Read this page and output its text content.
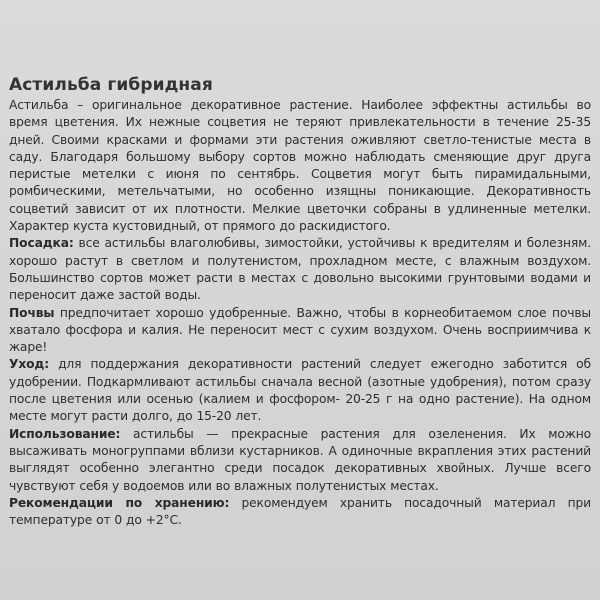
Астильба гибридная

Астильба – оригинальное декоративное растение. Наиболее эффектны астильбы во время цветения. Их нежные соцветия не теряют привлекательности в течение 25-35 дней. Своими красками и формами эти растения оживляют светло-тенистые места в саду. Благодаря большому выбору сортов можно наблюдать сменяющие друг друга перистые метелки с июня по сентябрь. Соцветия могут быть пирамидальными, ромбическими, метельчатыми, но особенно изящны поникающие. Декоративность соцветий зависит от их плотности. Мелкие цветочки собраны в удлиненные метелки. Характер куста кустовидный, от прямого до раскидистого.

Посадка: все астильбы влаголюбивы, зимостойки, устойчивы к вредителям и болезням. хорошо растут в светлом и полутенистом, прохладном месте, с влажным воздухом. Большинство сортов может расти в местах с довольно высокими грунтовыми водами и переносит даже застой воды.

Почвы предпочитает хорошо удобренные. Важно, чтобы в корнеобитаемом слое почвы хватало фосфора и калия. Не переносит мест с сухим воздухом. Очень восприимчива к жаре!

Уход: для поддержания декоративности растений следует ежегодно заботится об удобрении. Подкармливают астильбы сначала весной (азотные удобрения), потом сразу после цветения или осенью (калием и фосфором- 20-25 г на одно растение). На одном месте могут расти долго, до 15-20 лет.

Использование: астильбы — прекрасные растения для озеленения. Их можно высаживать моногруппами вблизи кустарников. А одиночные вкрапления этих растений выглядят особенно элегантно среди посадок декоративных хвойных. Лучше всего чувствуют себя у водоемов или во влажных полутенистых местах.

Рекомендации по хранению: рекомендуем хранить посадочный материал при температуре от 0 до +2°С.
